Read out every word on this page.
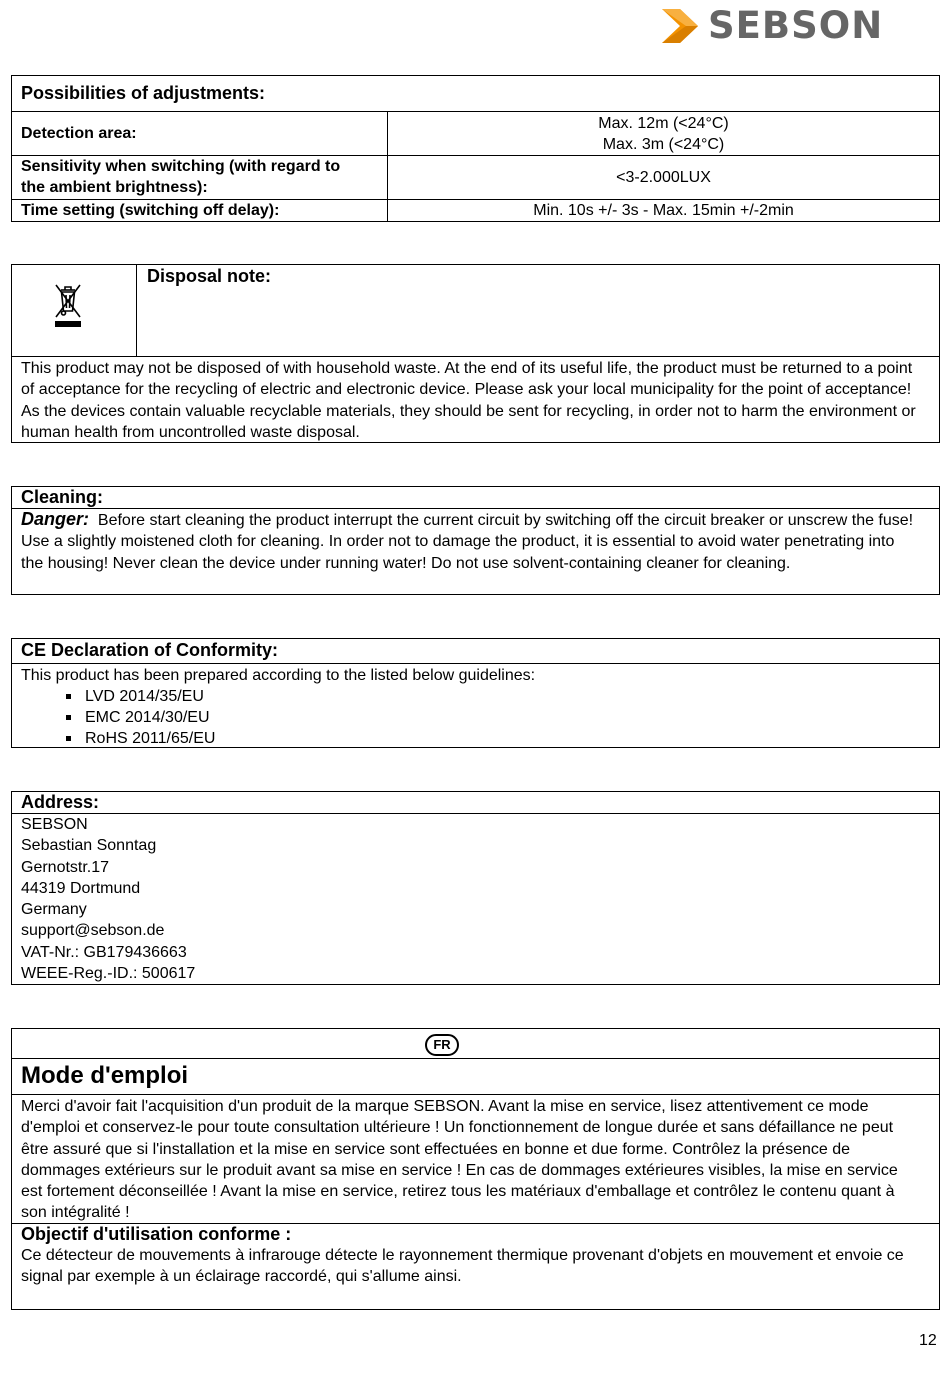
SEBSON
Possibilities of adjustments:
Detection area:
Max. 12m (<24°C)
Max. 3m (<24°C)
Sensitivity when switching (with regard to
the ambient brightness):
<3-2.000LUX
Time setting (switching off delay):	Min. 10s +/- 3s - Max. 15min +/-2min
Disposal note:
This product may not be disposed of with household waste. At the end of its useful life, the product must be returned to a point of acceptance for the recycling of electric and electronic device. Please ask your local municipality for the point of acceptance! As the devices contain valuable recyclable materials, they should be sent for recycling, in order not to harm the environment or human health from uncontrolled waste disposal.
Cleaning:
Danger: Before start cleaning the product interrupt the current circuit by switching off the circuit breaker or unscrew the fuse! Use a slightly moistened cloth for cleaning. In order not to damage the product, it is essential to avoid water penetrating into the housing! Never clean the device under running water! Do not use solvent-containing cleaner for cleaning.
CE Declaration of Conformity:
This product has been prepared according to the listed below guidelines:
LVD 2014/35/EU
EMC 2014/30/EU
RoHS 2011/65/EU
Address:
SEBSON
Sebastian Sonntag
Gernotstr.17
44319 Dortmund
Germany
support@sebson.de
VAT-Nr.: GB179436663
WEEE-Reg.-ID.: 500617
FR
Mode d'emploi
Merci d'avoir fait l'acquisition d'un produit de la marque SEBSON. Avant la mise en service, lisez attentivement ce mode d'emploi et conservez-le pour toute consultation ultérieure ! Un fonctionnement de longue durée et sans défaillance ne peut être assuré que si l'installation et la mise en service sont effectuées en bonne et due forme. Contrôlez la présence de dommages extérieurs sur le produit avant sa mise en service ! En cas de dommages extérieures visibles, la mise en service est fortement déconseillée ! Avant la mise en service, retirez tous les matériaux d'emballage et contrôlez le contenu quant à son intégralité !
Objectif d'utilisation conforme :
Ce détecteur de mouvements à infrarouge détecte le rayonnement thermique provenant d'objets en mouvement et envoie ce signal par exemple à un éclairage raccordé, qui s'allume ainsi.
12
